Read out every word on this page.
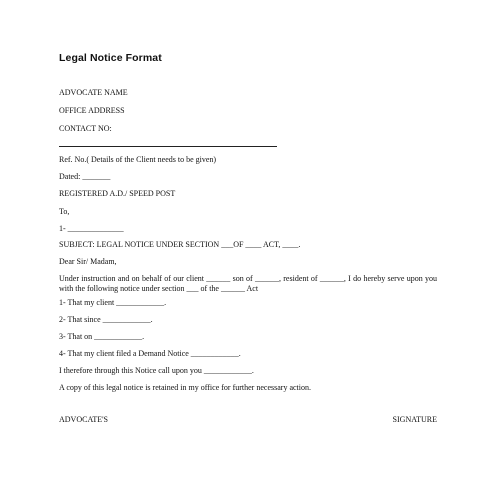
Legal Notice Format
ADVOCATE NAME
OFFICE ADDRESS
CONTACT NO:
Ref. No.( Details of the Client needs to be given)
Dated: _______
REGISTERED A.D./ SPEED POST
To,
1- ______________
SUBJECT: LEGAL NOTICE UNDER SECTION ___OF ____ ACT, ____.
Dear Sir/ Madam,
Under instruction and on behalf of our client ______ son of ______, resident of ______, I do hereby serve upon you with the following notice under section ___ of the ______ Act
1- That my client ____________.
2- That since ____________.
3- That on ____________.
4- That my client filed a Demand Notice ____________.
I therefore through this Notice call upon you ____________.
A copy of this legal notice is retained in my office for further necessary action.
ADVOCATE'S	SIGNATURE
